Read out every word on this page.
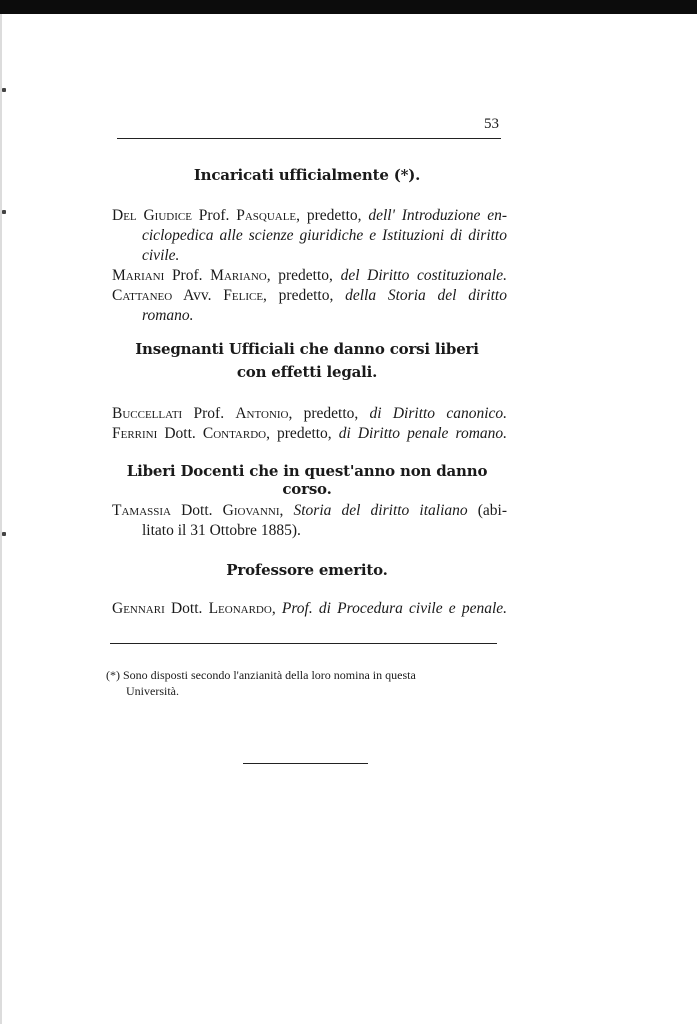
53
Incaricati ufficialmente (*).
Del Giudice Prof. Pasquale, predetto, dell' Introduzione en-
ciclopedica alle scienze giuridiche e Istituzioni di diritto
civile.
Mariani Prof. Mariano, predetto, del Diritto costituzionale.
Cattaneo Avv. Felice, predetto, della Storia del diritto
romano.
Insegnanti Ufficiali che danno corsi liberi
con effetti legali.
Buccellati Prof. Antonio, predetto, di Diritto canonico.
Ferrini Dott. Contardo, predetto, di Diritto penale romano.
Liberi Docenti che in quest'anno non danno corso.
Tamassia Dott. Giovanni, Storia del diritto italiano (abi-
litato il 31 Ottobre 1885).
Professore emerito.
Gennari Dott. Leonardo, Prof. di Procedura civile e penale.
(*) Sono disposti secondo l'anzianità della loro nomina in questa
Università.
